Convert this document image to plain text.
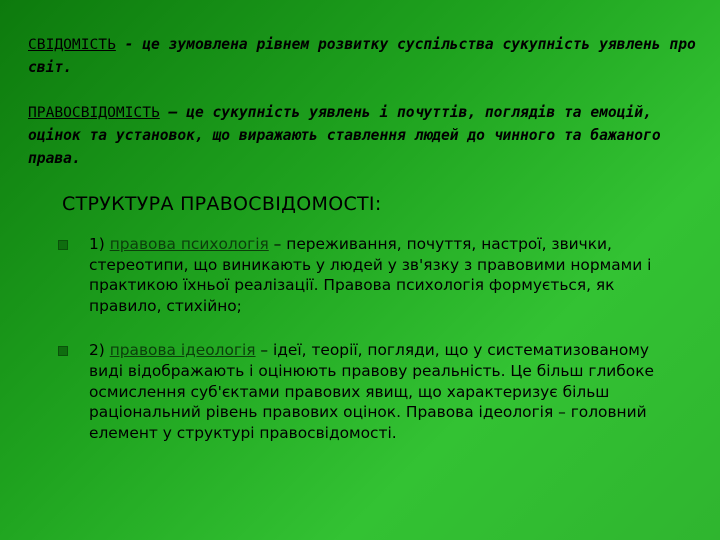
СВІДОМІСТЬ - це зумовлена рівнем розвитку суспільства сукупність уявлень про світ.
ПРАВОСВІДОМІСТЬ – це сукупність уявлень і почуттів, поглядів та емоцій, оцінок та установок, що виражають ставлення людей до чинного та бажаного права.
СТРУКТУРА ПРАВОСВІДОМОСТІ:
1) правова психологія – переживання, почуття, настрої, звички, стереотипи, що виникають у людей у зв'язку з правовими нормами і практикою їхньої реалізації. Правова психологія формується, як правило, стихійно;
2) правова ідеологія – ідеї, теорії, погляди, що у систематизованому виді відображають і оцінюють правову реальність. Це більш глибоке осмислення суб'єктами правових явищ, що характеризує більш раціональний рівень правових оцінок. Правова ідеологія – головний елемент у структурі правосвідомості.
